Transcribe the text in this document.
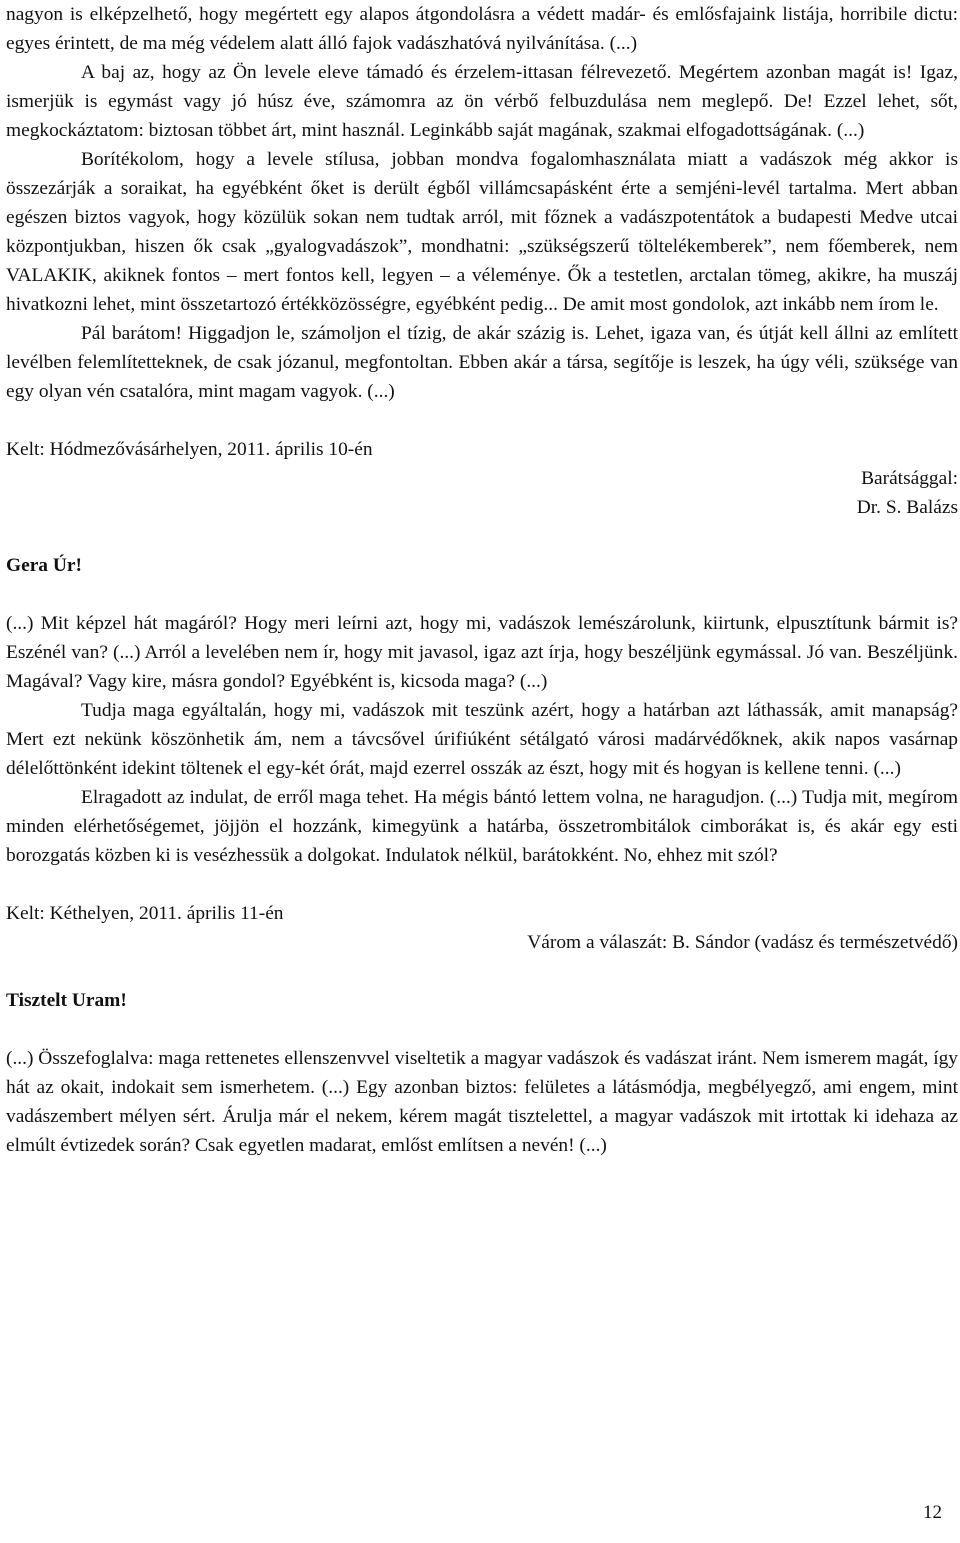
nagyon is elképzelhető, hogy megértett egy alapos átgondolásra a védett madár- és emlősfajaink listája, horribile dictu: egyes érintett, de ma még védelem alatt álló fajok vadászhatóvá nyilvánítása. (...)

A baj az, hogy az Ön levele eleve támadó és érzelem-ittasan félrevezető. Megértem azonban magát is! Igaz, ismerjük is egymást vagy jó húsz éve, számomra az ön vérbő felbuzdulása nem meglepő. De! Ezzel lehet, sőt, megkockáztatom: biztosan többet árt, mint használ. Leginkább saját magának, szakmai elfogadottságának. (...)

Borítékolom, hogy a levele stílusa, jobban mondva fogalomhasználata miatt a vadászok még akkor is összezárják a soraikat, ha egyébként őket is derült égből villámcsapásként érte a semjéni-levél tartalma. Mert abban egészen biztos vagyok, hogy közülük sokan nem tudtak arról, mit főznek a vadászpotentátok a budapesti Medve utcai központjukban, hiszen ők csak „gyalogvadászok”, mondhatni: „szükségszerű töltelékemberek”, nem főemberek, nem VALAKIK, akiknek fontos – mert fontos kell, legyen – a véleménye. Ők a testetlen, arctalan tömeg, akikre, ha muszáj hivatkozni lehet, mint összetartozó értékközösségre, egyébként pedig... De amit most gondolok, azt inkább nem írom le.

Pál barátom! Higgadjon le, számoljon el tízig, de akár százig is. Lehet, igaza van, és útját kell állni az említett levélben felemlítetteknek, de csak józanul, megfontoltan. Ebben akár a társa, segítője is leszek, ha úgy véli, szüksége van egy olyan vén csatalóra, mint magam vagyok. (...)

Kelt: Hódmezővásárhelyen, 2011. április 10-én

Barátsággal:

Dr. S. Balázs

Gera Úr!

(...) Mit képzel hát magáról? Hogy meri leírni azt, hogy mi, vadászok lemészárolunk, kiirtunk, elpusztítunk bármit is? Eszénél van? (...) Arról a levelében nem ír, hogy mit javasol, igaz azt írja, hogy beszéljünk egymással. Jó van. Beszéljünk. Magával? Vagy kire, másra gondol? Egyébként is, kicsoda maga? (...)

Tudja maga egyáltalán, hogy mi, vadászok mit teszünk azért, hogy a határban azt láthassák, amit manapság? Mert ezt nekünk köszönhetik ám, nem a távcsővel úrifiúként sétálgató városi madárvédőknek, akik napos vasárnap délelőttönként idekint töltenek el egy-két órát, majd ezerrel osszák az észt, hogy mit és hogyan is kellene tenni. (...)

Elragadott az indulat, de erről maga tehet. Ha mégis bántó lettem volna, ne haragudjon. (...) Tudja mit, megírom minden elérhetőségemet, jöjjön el hozzánk, kimegyünk a határba, összetrombitálok cimborákat is, és akár egy esti borozgatás közben ki is vesézhessük a dolgokat. Indulatok nélkül, barátokként. No, ehhez mit szól?

Kelt: Kéthelyen, 2011. április 11-én

Várom a válaszát: B. Sándor (vadász és természetvédő)

Tisztelt Uram!

(...) Összefoglalva: maga rettenetes ellenszenvvel viseltetik a magyar vadászok és vadászat iránt. Nem ismerem magát, így hát az okait, indokait sem ismerhetem. (...) Egy azonban biztos: felületes a látásmódja, megbélyegző, ami engem, mint vadászembert mélyen sért. Árulja már el nekem, kérem magát tisztelettel, a magyar vadászok mit irtottak ki idehaza az elmúlt évtizedek során? Csak egyetlen madarat, emlőst említsen a nevén! (...)

12
